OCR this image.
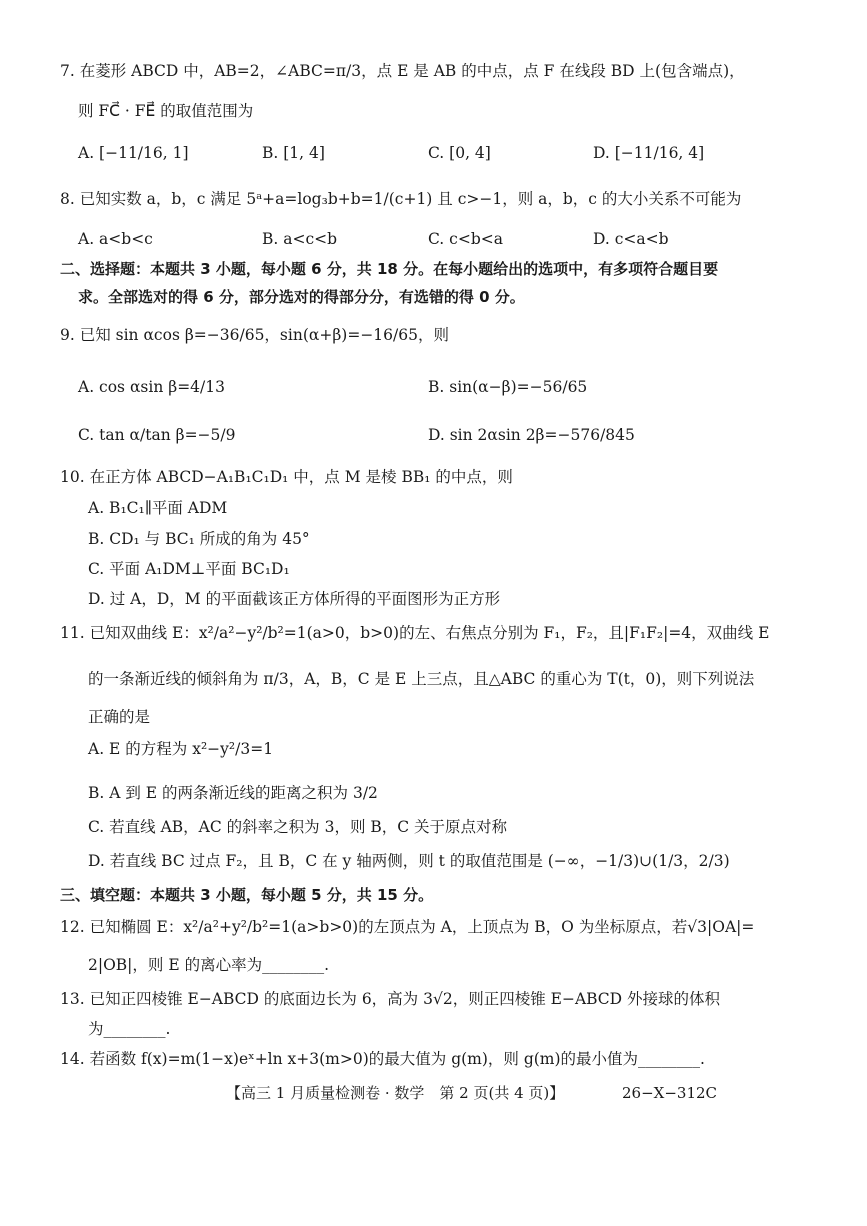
7. 在菱形 ABCD 中，AB=2，∠ABC=π/3，点 E 是 AB 的中点，点 F 在线段 BD 上(包含端点)，
则 FC⃗ · FE⃗ 的取值范围为
A. [−11/16, 1]	B. [1, 4]	C. [0, 4]	D. [−11/16, 4]
8. 已知实数 a，b，c 满足 5ᵃ+a=log₃b+b=1/(c+1) 且 c>−1，则 a，b，c 的大小关系不可能为
A. a<b<c	B. a<c<b	C. c<b<a	D. c<a<b
二、选择题：本题共 3 小题，每小题 6 分，共 18 分。在每小题给出的选项中，有多项符合题目要
求。全部选对的得 6 分，部分选对的得部分分，有选错的得 0 分。
9. 已知 sin αcos β=−36/65，sin(α+β)=−16/65，则
A. cos αsin β=4/13	B. sin(α−β)=−56/65
C. tan α/tan β=−5/9	D. sin 2αsin 2β=−576/845
10. 在正方体 ABCD−A₁B₁C₁D₁ 中，点 M 是棱 BB₁ 的中点，则
A. B₁C₁∥平面 ADM
B. CD₁ 与 BC₁ 所成的角为 45°
C. 平面 A₁DM⊥平面 BC₁D₁
D. 过 A，D，M 的平面截该正方体所得的平面图形为正方形
11. 已知双曲线 E：x²/a²−y²/b²=1(a>0，b>0)的左、右焦点分别为 F₁，F₂，且|F₁F₂|=4，双曲线 E
的一条渐近线的倾斜角为 π/3，A，B，C 是 E 上三点，且△ABC 的重心为 T(t，0)，则下列说法
正确的是
A. E 的方程为 x²−y²/3=1
B. A 到 E 的两条渐近线的距离之积为 3/2
C. 若直线 AB，AC 的斜率之积为 3，则 B，C 关于原点对称
D. 若直线 BC 过点 F₂，且 B，C 在 y 轴两侧，则 t 的取值范围是 (−∞，−1/3)∪(1/3，2/3)
三、填空题：本题共 3 小题，每小题 5 分，共 15 分。
12. 已知椭圆 E：x²/a²+y²/b²=1(a>b>0)的左顶点为 A，上顶点为 B，O 为坐标原点，若√3|OA|=
2|OB|，则 E 的离心率为________.
13. 已知正四棱锥 E−ABCD 的底面边长为 6，高为 3√2，则正四棱锥 E−ABCD 外接球的体积
为________.
14. 若函数 f(x)=m(1−x)eˣ+ln x+3(m>0)的最大值为 g(m)，则 g(m)的最小值为________.
【高三 1 月质量检测卷 · 数学　第 2 页(共 4 页)】	26−X−312C
